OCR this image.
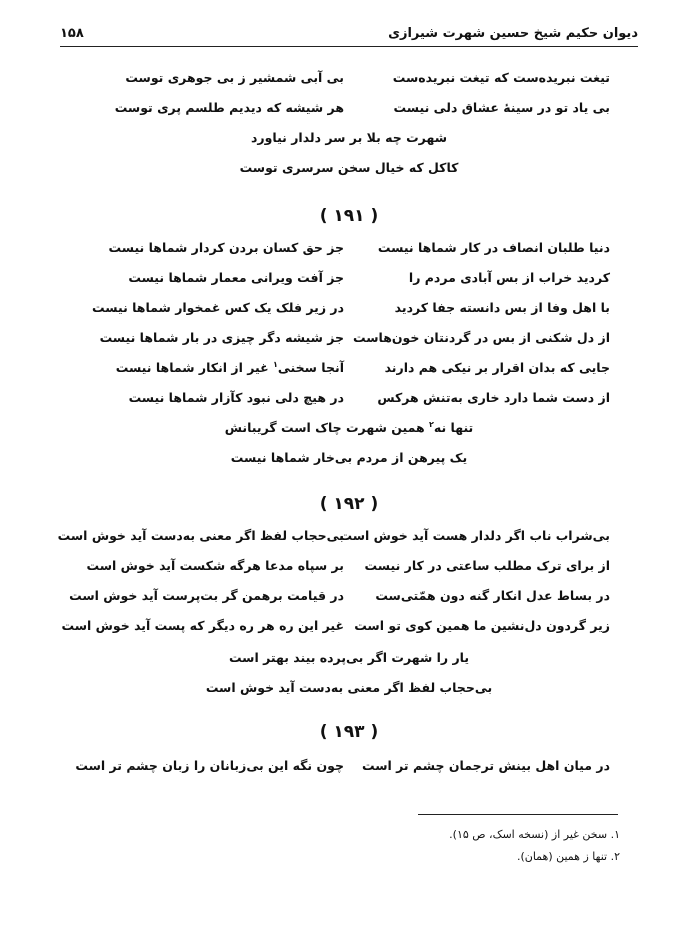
دیوان حکیم شیخ حسین شهرت شیرازی
۱۵۸
تیغت نبریده‌ست که تیغت نبریده‌ست
بی آبی شمشیر ز بی جوهری توست
بی یاد تو در سینهٔ عشاق دلی نیست
هر شیشه که دیدیم طلسم پری توست
شهرت چه بلا بر سر دلدار نیاورد
کاکل که خیال سخن سرسری توست
( ۱۹۱ )
دنیا طلبان انصاف در کار شماها نیست
جز حق کسان بردن کردار شماها نیست
کردید خراب از بس آبادی مردم را
جز آفت ویرانی معمار شماها نیست
با اهل وفا از بس دانسته جفا کردید
در زیر فلک یک کس غمخوار شماها نیست
از دل شکنی از بس در گردنتان خون‌هاست
جز شیشه دگر چیزی در بار شماها نیست
جایی که بدان اقرار بر نیکی هم دارند
آنجا سخنی$^۱$ غیر از انکار شماها نیست
از دست شما دارد خاری به‌تنش هرکس
در هیچ دلی نبود کآزار شماها نیست
تنها نه$^۲$ همین شهرت چاک است گریبانش
یک پیرهن از مردم بی‌خار شماها نیست
( ۱۹۲ )
بی‌شراب ناب اگر دلدار هست آید خوش است
بی‌حجاب لفظ اگر معنی به‌دست آید خوش است
از برای ترک مطلب ساعتی در کار نیست
بر سپاه مدعا هرگه شکست آید خوش است
در بساط عدل انکار گنه دون همّتی‌ست
در قیامت برهمن گر بت‌پرست آید خوش است
زیر گردون دل‌نشین ما همین کوی تو است
غیر این ره هر ره دیگر که پست آید خوش است
یار را شهرت اگر بی‌پرده بیند بهتر است
بی‌حجاب لفظ اگر معنی به‌دست آید خوش است
( ۱۹۳ )
در میان اهل بینش ترجمان چشم تر است
چون نگه این بی‌زبانان را زبان چشم تر است
۱. سخن غیر از (نسخه اسک، ص ۱۵).
۲. تنها ز همین (همان).
